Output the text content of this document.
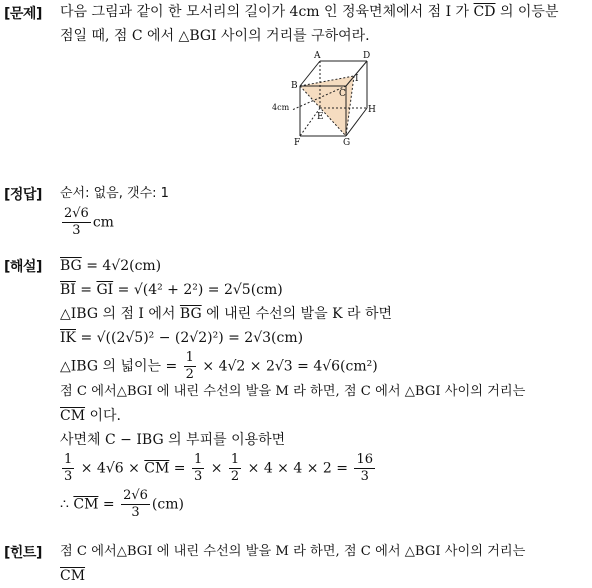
[문제] 다음 그림과 같이 한 모서리의 길이가 4cm 인 정육면체에서 점 I 가 $\overline{CD}$ 의 이등분
점일 때, 점 C 에서 △BGI 사이의 거리를 구하여라.
A	D
B
I
C
E
H
F	G
4cm
[정답] 순서: 없음, 갯수: 1
$\frac{2√6}{3}$ cm
[해설] $\overline{BG} = 4√2(cm)$
$\overline{BI} = \overline{GI} = √(4^2 + 2^2) = 2√5(cm)$
△IBG 의 점 I 에서 $\overline{BG}$ 에 내린 수선의 발을 K 라 하면
$\overline{IK} = √((2√5)^2 - (2√2)^2) = 2√3(cm)$
△IBG 의 넓이는 = $\frac{1}{2} \times 4√2 \times 2√3 = 4√6(cm^2)$
점 C 에서△BGI 에 내린 수선의 발을 M 라 하면, 점 C 에서 △BGI 사이의 거리는
$\overline{CM}$ 이다.
사면체 C − IBG 의 부피를 이용하면
$\frac{1}{3} \times 4√6 \times \overline{CM} = \frac{1}{3} \times \frac{1}{2} \times 4 \times 4 \times 2 = \frac{16}{3}$
∴ $\overline{CM} = \frac{2√6}{3} (cm)$
[힌트] 점 C 에서△BGI 에 내린 수선의 발을 M 라 하면, 점 C 에서 △BGI 사이의 거리는
$\overline{CM}$
